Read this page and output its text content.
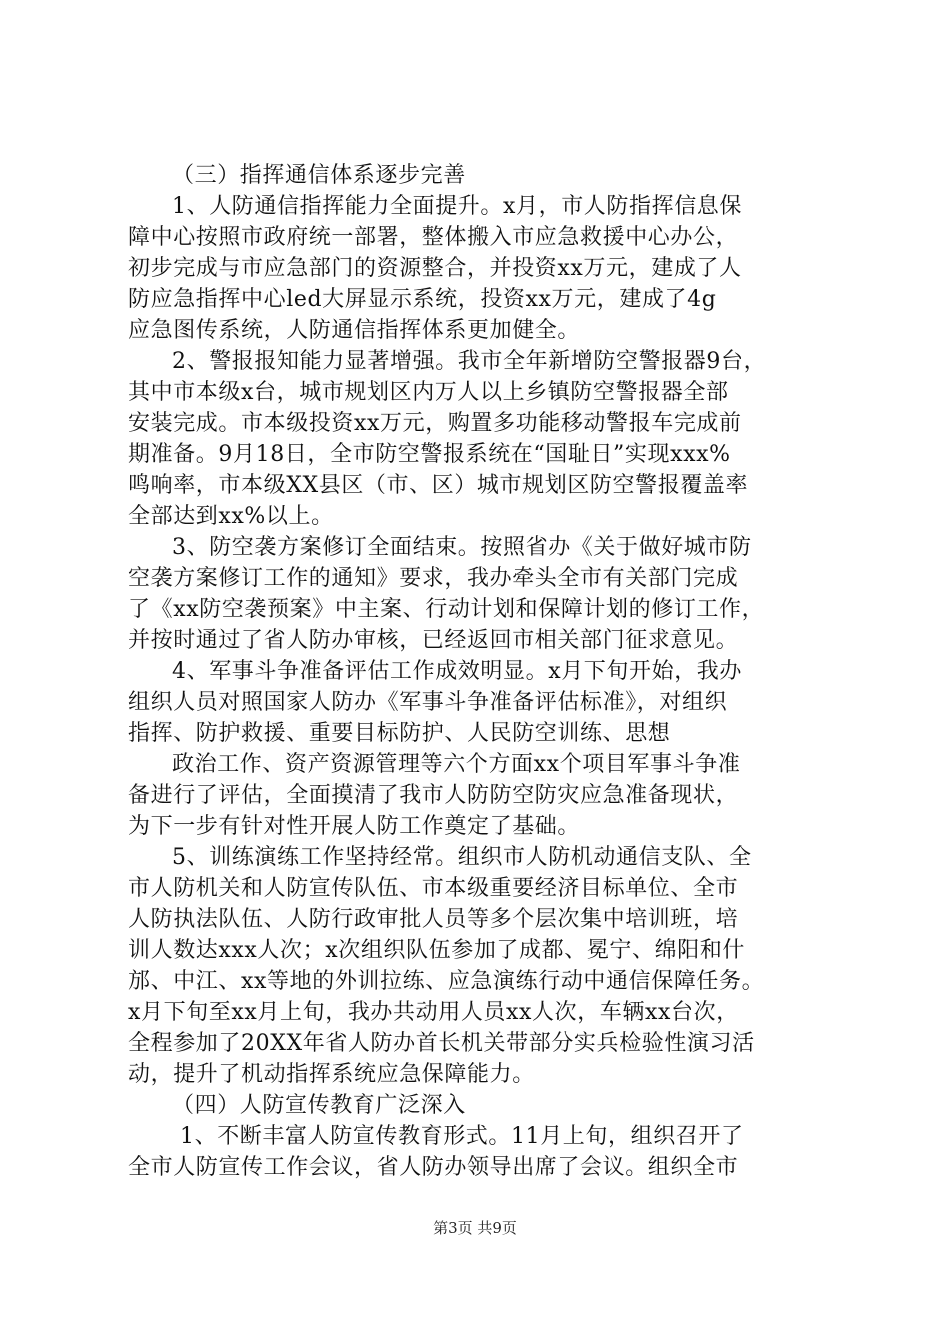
（三）指挥通信体系逐步完善
1、人防通信指挥能力全面提升。x月，市人防指挥信息保
障中心按照市政府统一部署，整体搬入市应急救援中心办公，
初步完成与市应急部门的资源整合，并投资xx万元，建成了人
防应急指挥中心led大屏显示系统，投资xx万元，建成了4g
应急图传系统，人防通信指挥体系更加健全。
2、警报报知能力显著增强。我市全年新增防空警报器9台，
其中市本级x台，城市规划区内万人以上乡镇防空警报器全部
安装完成。市本级投资xx万元，购置多功能移动警报车完成前
期准备。9月18日，全市防空警报系统在“国耻日”实现xxx%
鸣响率，市本级XX县区（市、区）城市规划区防空警报覆盖率
全部达到xx%以上。
3、防空袭方案修订全面结束。按照省办《关于做好城市防
空袭方案修订工作的通知》要求，我办牵头全市有关部门完成
了《xx防空袭预案》中主案、行动计划和保障计划的修订工作，
并按时通过了省人防办审核，已经返回市相关部门征求意见。
4、军事斗争准备评估工作成效明显。x月下旬开始，我办
组织人员对照国家人防办《军事斗争准备评估标准》，对组织
指挥、防护救援、重要目标防护、人民防空训练、思想
政治工作、资产资源管理等六个方面xx个项目军事斗争准
备进行了评估，全面摸清了我市人防防空防灾应急准备现状，
为下一步有针对性开展人防工作奠定了基础。
5、训练演练工作坚持经常。组织市人防机动通信支队、全
市人防机关和人防宣传队伍、市本级重要经济目标单位、全市
人防执法队伍、人防行政审批人员等多个层次集中培训班，培
训人数达xxx人次；x次组织队伍参加了成都、冕宁、绵阳和什
邡、中江、xx等地的外训拉练、应急演练行动中通信保障任务。
x月下旬至xx月上旬，我办共动用人员xx人次，车辆xx台次，
全程参加了20XX年省人防办首长机关带部分实兵检验性演习活
动，提升了机动指挥系统应急保障能力。
（四）人防宣传教育广泛深入
1、不断丰富人防宣传教育形式。11月上旬，组织召开了
全市人防宣传工作会议，省人防办领导出席了会议。组织全市
第3页 共9页
